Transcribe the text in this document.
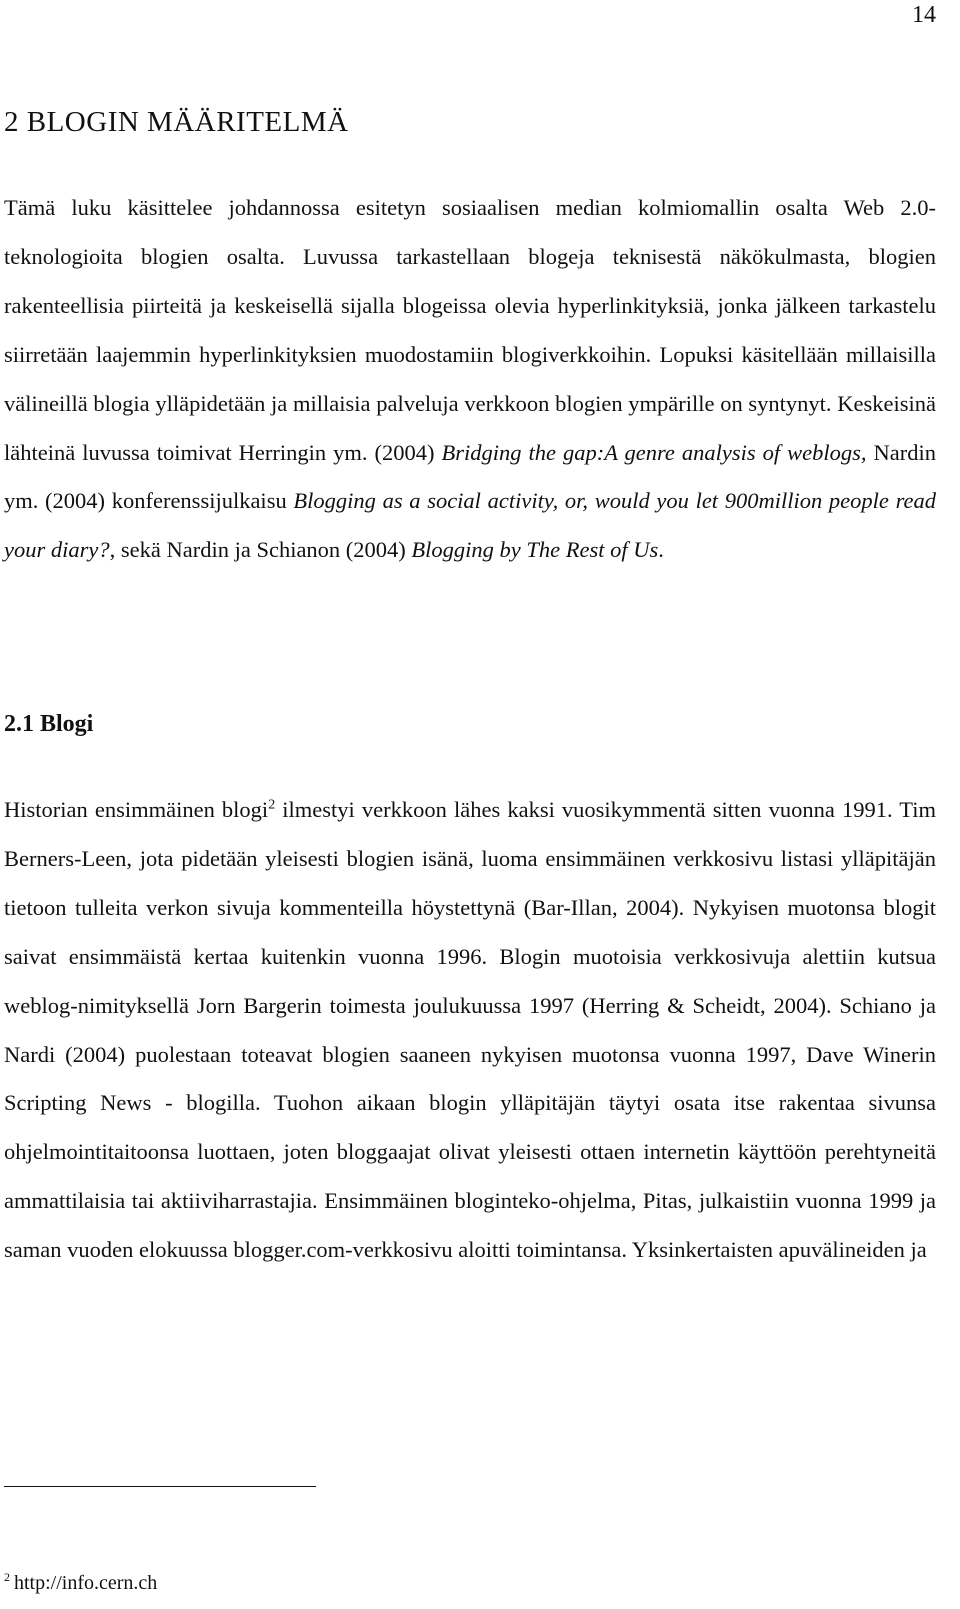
14
2 BLOGIN MÄÄRITELMÄ

Tämä luku käsittelee johdannossa esitetyn sosiaalisen median kolmiomallin osalta Web 2.0-teknologioita blogien osalta. Luvussa tarkastellaan blogeja teknisestä näkökulmasta, blogien rakenteellisia piirteitä ja keskeisellä sijalla blogeissa olevia hyperlinkityksiä, jonka jälkeen tarkastelu siirretään laajemmin hyperlinkityksien muodostamiin blogiverkkoihin. Lopuksi käsitellään millaisilla välineillä blogia ylläpidetään ja millaisia palveluja verkkoon blogien ympärille on syntynyt. Keskeisinä lähteinä luvussa toimivat Herringin ym. (2004) Bridging the gap:A genre analysis of weblogs, Nardin ym. (2004) konferenssijulkaisu Blogging as a social activity, or, would you let 900million people read your diary?, sekä Nardin ja Schianon (2004) Blogging by The Rest of Us.

2.1 Blogi

Historian ensimmäinen blogi$^2$ ilmestyi verkkoon lähes kaksi vuosikymmentä sitten vuonna 1991. Tim Berners-Leen, jota pidetään yleisesti blogien isänä, luoma ensimmäinen verkkosivu listasi ylläpitäjän tietoon tulleita verkon sivuja kommenteilla höystettynä (Bar-Illan, 2004). Nykyisen muotonsa blogit saivat ensimmäistä kertaa kuitenkin vuonna 1996. Blogin muotoisia verkkosivuja alettiin kutsua weblog-nimityksellä Jorn Bargerin toimesta joulukuussa 1997 (Herring & Scheidt, 2004). Schiano ja Nardi (2004) puolestaan toteavat blogien saaneen nykyisen muotonsa vuonna 1997, Dave Winerin Scripting News - blogilla. Tuohon aikaan blogin ylläpitäjän täytyi osata itse rakentaa sivunsa ohjelmointitaitoonsa luottaen, joten bloggaajat olivat yleisesti ottaen internetin käyttöön perehtyneitä ammattilaisia tai aktiiviharrastajia. Ensimmäinen bloginteko-ohjelma, Pitas, julkaistiin vuonna 1999 ja saman vuoden elokuussa blogger.com-verkkosivu aloitti toimintansa. Yksinkertaisten apuvälineiden ja

$^2$ http://info.cern.ch
